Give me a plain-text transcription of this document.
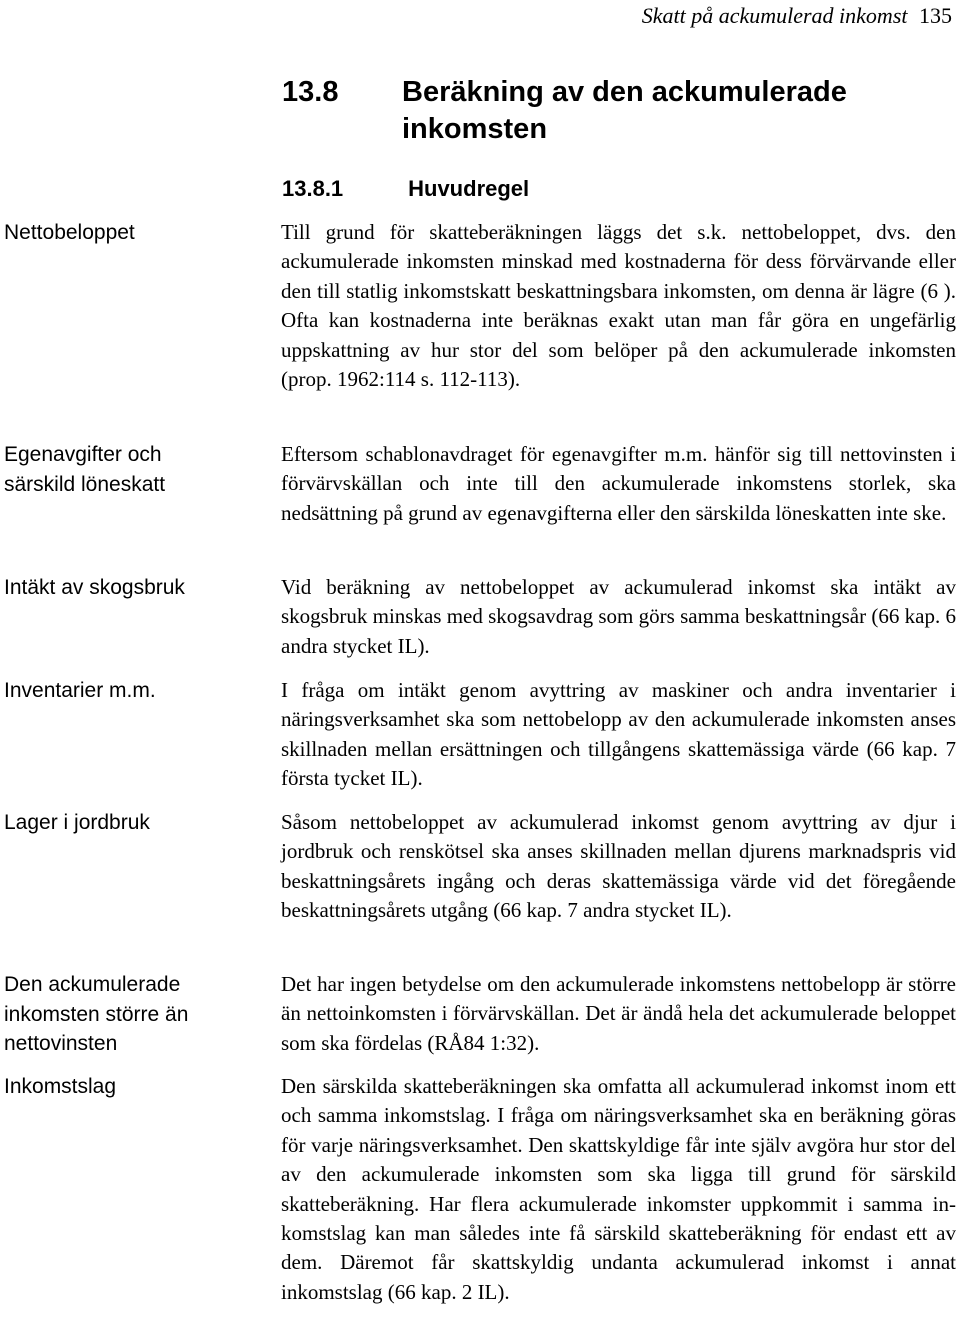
Skatt på ackumulerad inkomst 135
13.8 Beräkning av den ackumulerade inkomsten
13.8.1	Huvudregel
Nettobeloppet
Egenavgifter och särskild löneskatt
Intäkt av skogsbruk
Inventarier m.m.
Lager i jordbruk
Den ackumulerade inkomsten större än nettovinsten
Inkomstslag

Till grund för skatteberäkningen läggs det s.k. nettobeloppet, dvs. den ackumulerade inkomsten minskad med kostnaderna för dess förvärvande eller den till statlig inkomstskatt beskattningsbara inkomsten, om denna är lägre (6 ). Ofta kan kostnaderna inte beräknas exakt utan man får göra en ungefärlig uppskattning av hur stor del som belöper på den ackumulerade inkomsten (prop. 1962:114 s. 112-113).

Eftersom schablonavdraget för egenavgifter m.m. hänför sig till nettovinsten i förvärvskällan och inte till den ackumulerade inkomstens storlek, ska nedsättning på grund av egenavgifterna eller den särskilda löneskatten inte ske.

Vid beräkning av nettobeloppet av ackumulerad inkomst ska intäkt av skogsbruk minskas med skogsavdrag som görs samma beskattningsår (66 kap. 6 andra stycket IL).

I fråga om intäkt genom avyttring av maskiner och andra inventarier i näringsverksamhet ska som nettobelopp av den ackumulerade inkomsten anses skillnaden mellan ersättningen och tillgångens skattemässiga värde (66 kap. 7 första tycket IL).

Såsom nettobeloppet av ackumulerad inkomst genom avyttring av djur i jordbruk och renskötsel ska anses skillnaden mellan djurens marknadspris vid beskattningsårets ingång och deras skattemässiga värde vid det föregående beskattningsårets utgång (66 kap. 7 andra stycket IL).

Det har ingen betydelse om den ackumulerade inkomstens nettobelopp är större än nettoinkomsten i förvärvskällan. Det är ändå hela det ackumulerade beloppet som ska fördelas (RÅ84 1:32).

Den särskilda skatteberäkningen ska omfatta all ackumulerad inkomst inom ett och samma inkomstslag. I fråga om näringsverksamhet ska en beräkning göras för varje näringsverksamhet. Den skattskyldige får inte själv avgöra hur stor del av den ackumulerade inkomsten som ska ligga till grund för särskild skatteberäkning. Har flera ackumulerade inkomster uppkommit i samma inkomstslag kan man således inte få särskild skatteberäkning för endast ett av dem. Däremot får skattskyldig undanta ackumulerad inkomst i annat inkomstslag (66 kap. 2 IL).
